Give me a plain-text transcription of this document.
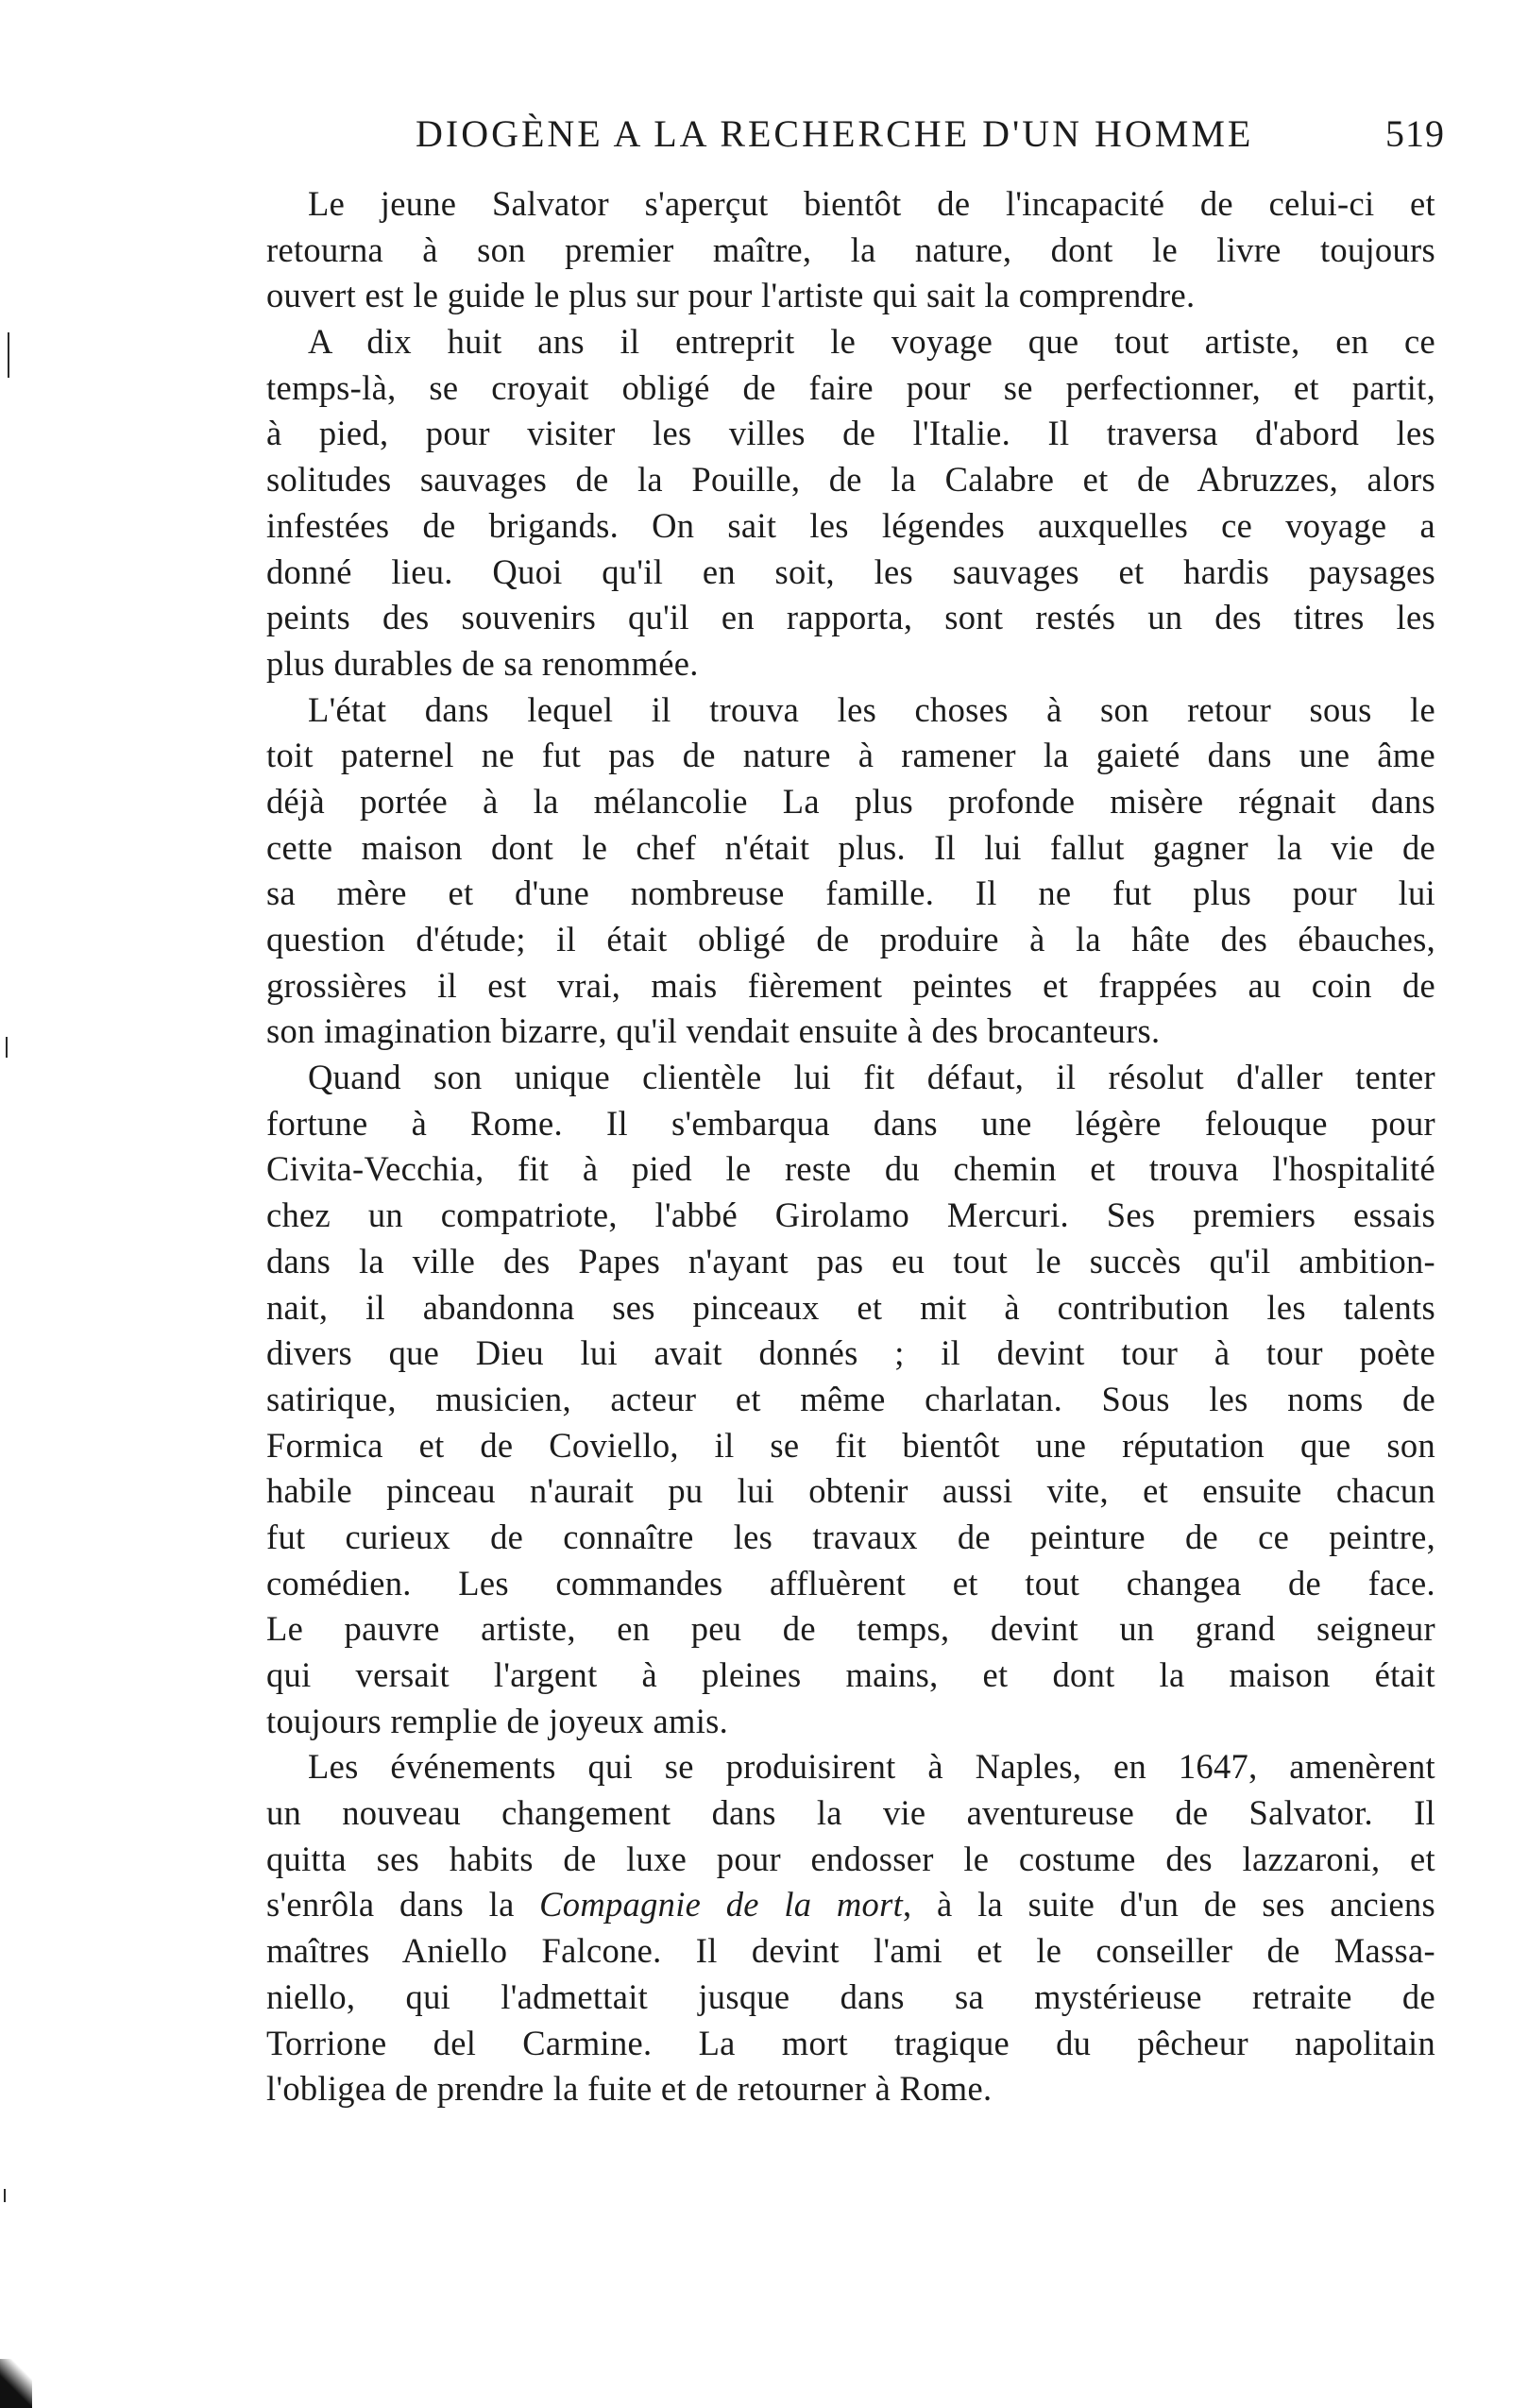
DIOGÈNE A LA RECHERCHE D'UN HOMME	519
Le jeune Salvator s'aperçut bientôt de l'incapacité de celui-ci et
retourna à son premier maître, la nature, dont le livre toujours
ouvert est le guide le plus sur pour l'artiste qui sait la comprendre.
A dix huit ans il entreprit le voyage que tout artiste, en ce
temps-là, se croyait obligé de faire pour se perfectionner, et partit,
à pied, pour visiter les villes de l'Italie. Il traversa d'abord les
solitudes sauvages de la Pouille, de la Calabre et de Abruzzes, alors
infestées de brigands. On sait les légendes auxquelles ce voyage a
donné lieu. Quoi qu'il en soit, les sauvages et hardis paysages
peints des souvenirs qu'il en rapporta, sont restés un des titres les
plus durables de sa renommée.
L'état dans lequel il trouva les choses à son retour sous le
toit paternel ne fut pas de nature à ramener la gaieté dans une âme
déjà portée à la mélancolie La plus profonde misère régnait dans
cette maison dont le chef n'était plus. Il lui fallut gagner la vie de
sa mère et d'une nombreuse famille. Il ne fut plus pour lui
question d'étude; il était obligé de produire à la hâte des ébauches,
grossières il est vrai, mais fièrement peintes et frappées au coin de
son imagination bizarre, qu'il vendait ensuite à des brocanteurs.
Quand son unique clientèle lui fit défaut, il résolut d'aller tenter
fortune à Rome. Il s'embarqua dans une légère felouque pour
Civita-Vecchia, fit à pied le reste du chemin et trouva l'hospitalité
chez un compatriote, l'abbé Girolamo Mercuri. Ses premiers essais
dans la ville des Papes n'ayant pas eu tout le succès qu'il ambition-
nait, il abandonna ses pinceaux et mit à contribution les talents
divers que Dieu lui avait donnés ; il devint tour à tour poète
satirique, musicien, acteur et même charlatan. Sous les noms de
Formica et de Coviello, il se fit bientôt une réputation que son
habile pinceau n'aurait pu lui obtenir aussi vite, et ensuite chacun
fut curieux de connaître les travaux de peinture de ce peintre,
comédien. Les commandes affluèrent et tout changea de face.
Le pauvre artiste, en peu de temps, devint un grand seigneur
qui versait l'argent à pleines mains, et dont la maison était
toujours remplie de joyeux amis.
Les événements qui se produisirent à Naples, en 1647, amenèrent
un nouveau changement dans la vie aventureuse de Salvator. Il
quitta ses habits de luxe pour endosser le costume des lazzaroni, et
s'enrôla dans la Compagnie de la mort, à la suite d'un de ses anciens
maîtres Aniello Falcone. Il devint l'ami et le conseiller de Massa-
niello, qui l'admettait jusque dans sa mystérieuse retraite de
Torrione del Carmine. La mort tragique du pêcheur napolitain
l'obligea de prendre la fuite et de retourner à Rome.
